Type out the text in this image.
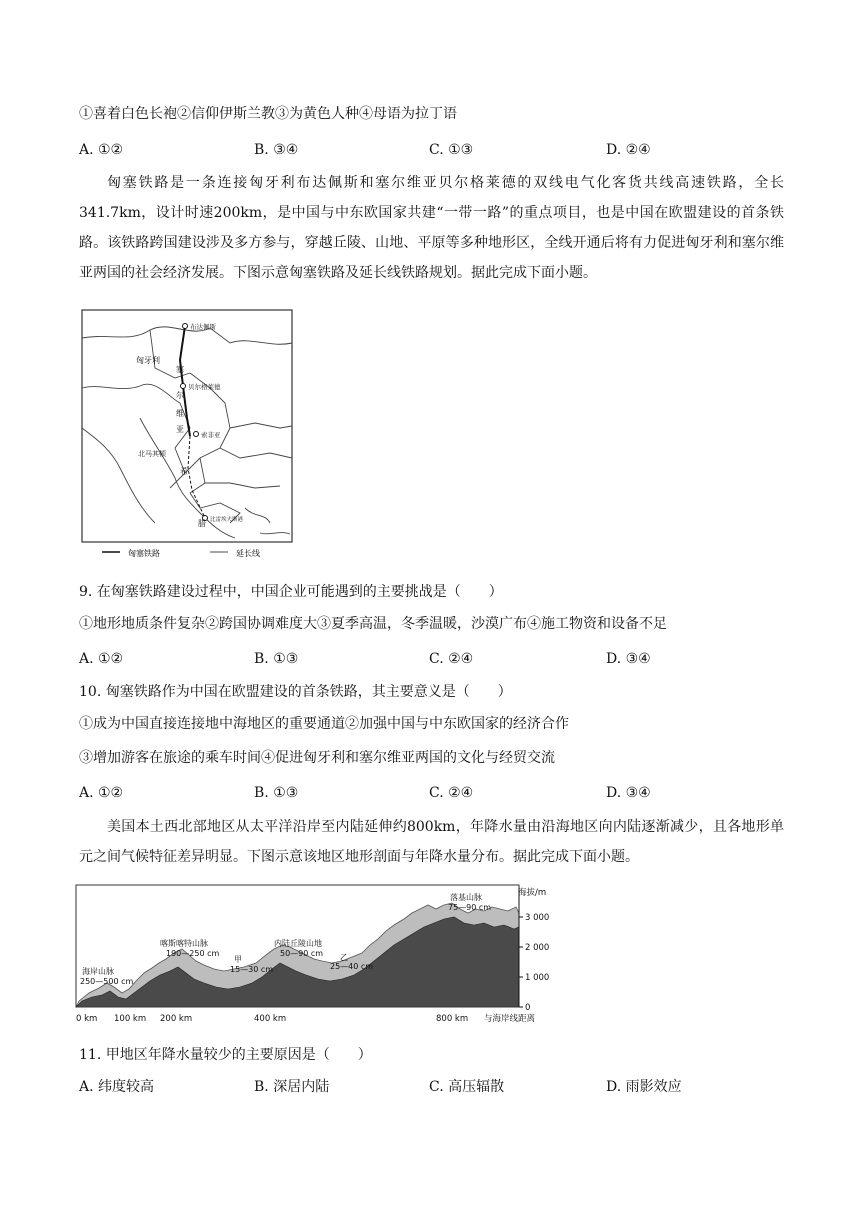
①喜着白色长袍②信仰伊斯兰教③为黄色人种④母语为拉丁语
A. ①②	B. ③④	C. ①③	D. ②④
匈塞铁路是一条连接匈牙利布达佩斯和塞尔维亚贝尔格莱德的双线电气化客货共线高速铁路，全长341.7km，设计时速200km，是中国与中东欧国家共建“一带一路”的重点项目，也是中国在欧盟建设的首条铁路。该铁路跨国建设涉及多方参与，穿越丘陵、山地、平原等多种地形区，全线开通后将有力促进匈牙利和塞尔维亚两国的社会经济发展。下图示意匈塞铁路及延长线铁路规划。据此完成下面小题。
布达佩斯
匈牙利
贝尔格莱德
塞
尔
维
亚
索非亚
北马其顿
希
腊 比雷埃夫斯港
匈塞铁路	延长线
9. 在匈塞铁路建设过程中，中国企业可能遇到的主要挑战是（　　）
①地形地质条件复杂②跨国协调难度大③夏季高温，冬季温暖，沙漠广布④施工物资和设备不足
A. ①②	B. ①③	C. ②④	D. ③④
10. 匈塞铁路作为中国在欧盟建设的首条铁路，其主要意义是（　　）
①成为中国直接连接地中海地区的重要通道②加强中国与中东欧国家的经济合作
③增加游客在旅途的乘车时间④促进匈牙利和塞尔维亚两国的文化与经贸交流
A. ①②	B. ①③	C. ②④	D. ③④
美国本土西北部地区从太平洋沿岸至内陆延伸约800km，年降水量由沿海地区向内陆逐渐减少，且各地形单元之间气候特征差异明显。下图示意该地区地形剖面与年降水量分布。据此完成下面小题。
海拔/m
3 000
2 000
1 000
0
0 km 100 km 200 km	400 km	800 km 与海岸线距离
海岸山脉
250—500 cm
喀斯喀特山脉
190—250 cm
甲
15—30 cm
内陆丘陵山地
50—90 cm 乙
25—40 cm
落基山脉
75—90 cm
11. 甲地区年降水量较少的主要原因是（　　）
A. 纬度较高	B. 深居内陆	C. 高压辐散	D. 雨影效应
